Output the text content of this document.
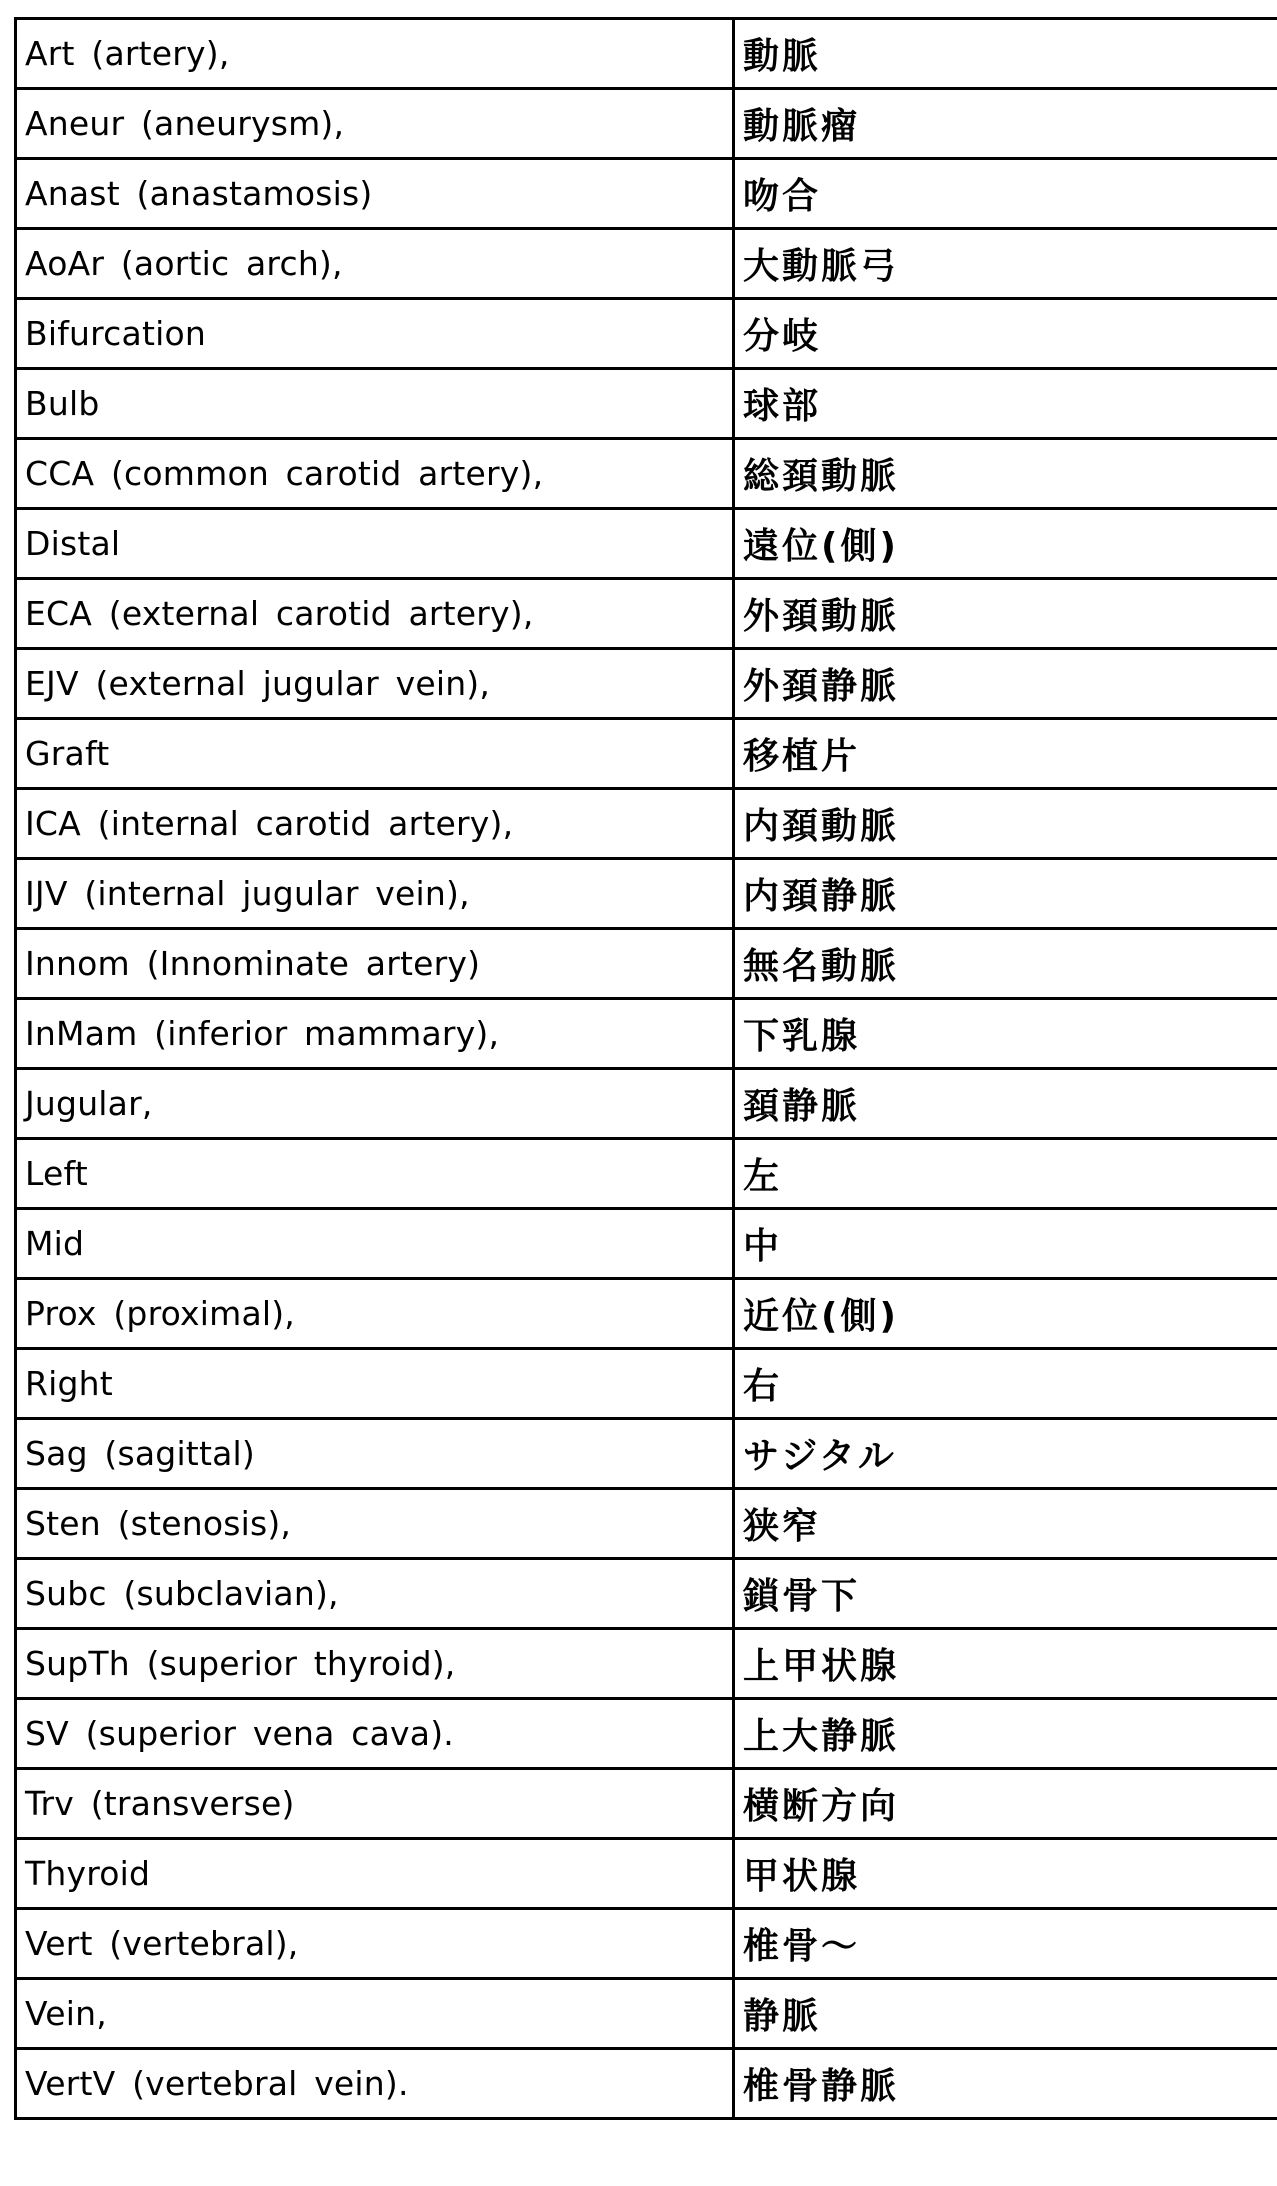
Art (artery),	動脈
Aneur (aneurysm),	動脈瘤
Anast (anastamosis)	吻合
AoAr (aortic arch),	大動脈弓
Bifurcation	分岐
Bulb	球部
CCA (common carotid artery),	総頚動脈
Distal	遠位(側)
ECA (external carotid artery),	外頚動脈
EJV (external jugular vein),	外頚静脈
Graft	移植片
ICA (internal carotid artery),	内頚動脈
IJV (internal jugular vein),	内頚静脈
Innom (Innominate artery)	無名動脈
InMam (inferior mammary),	下乳腺
Jugular,	頚静脈
Left	左
Mid	中
Prox (proximal),	近位(側)
Right	右
Sag (sagittal)	サジタル
Sten (stenosis),	狭窄
Subc (subclavian),	鎖骨下
SupTh (superior thyroid),	上甲状腺
SV (superior vena cava).	上大静脈
Trv (transverse)	横断方向
Thyroid	甲状腺
Vert (vertebral),	椎骨～
Vein,	静脈
VertV (vertebral vein).	椎骨静脈
